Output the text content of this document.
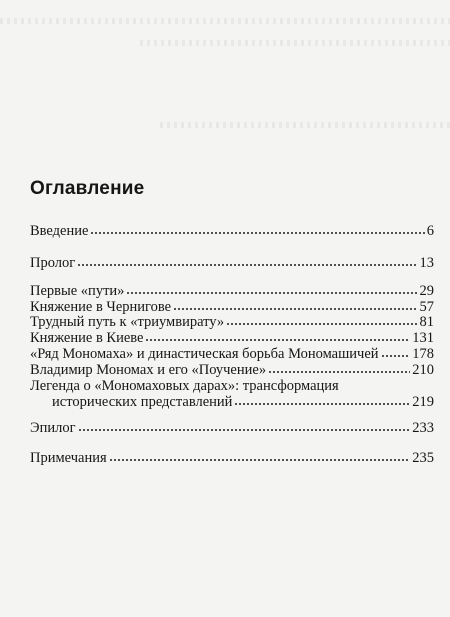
Оглавление
Введение	6
Пролог	13
Первые «пути»	29
Княжение в Чернигове	57
Трудный путь к «триумвирату»	81
Княжение в Киеве	131
«Ряд Мономаха» и династическая борьба Мономашичей 178
Владимир Мономах и его «Поучение»	210
Легенда о «Мономаховых дарах»: трансформация
исторических представлений	219
Эпилог	233
Примечания	235
